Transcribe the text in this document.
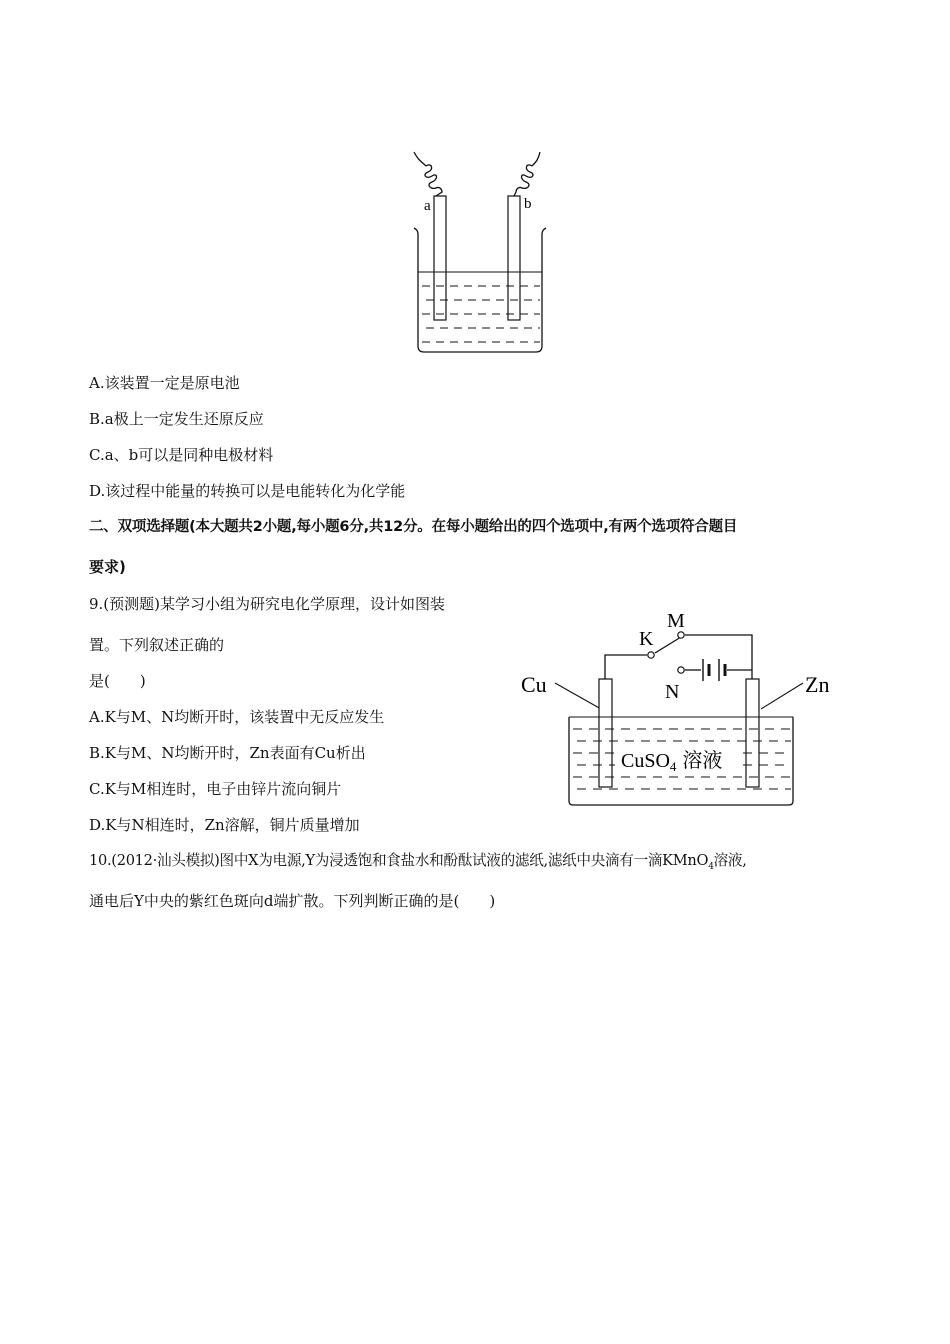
a	b
A.该装置一定是原电池
B.a极上一定发生还原反应
C.a、b可以是同种电极材料
D.该过程中能量的转换可以是电能转化为化学能
二、双项选择题(本大题共2小题,每小题6分,共12分。在每小题给出的四个选项中,有两个选项符合题目
要求)
9.(预测题)某学习小组为研究电化学原理，设计如图装
置。下列叙述正确的
是(　　)
A.K与M、N均断开时，该装置中无反应发生
B.K与M、N均断开时，Zn表面有Cu析出
C.K与M相连时，电子由锌片流向铜片
D.K与N相连时，Zn溶解，铜片质量增加
K
M
N
Cu	Zn
CuSO$_4$ 溶液
10.(2012·汕头模拟)图中X为电源,Y为浸透饱和食盐水和酚酞试液的滤纸,滤纸中央滴有一滴KMnO$_4$溶液,
通电后Y中央的紫红色斑向d端扩散。下列判断正确的是(　　)
